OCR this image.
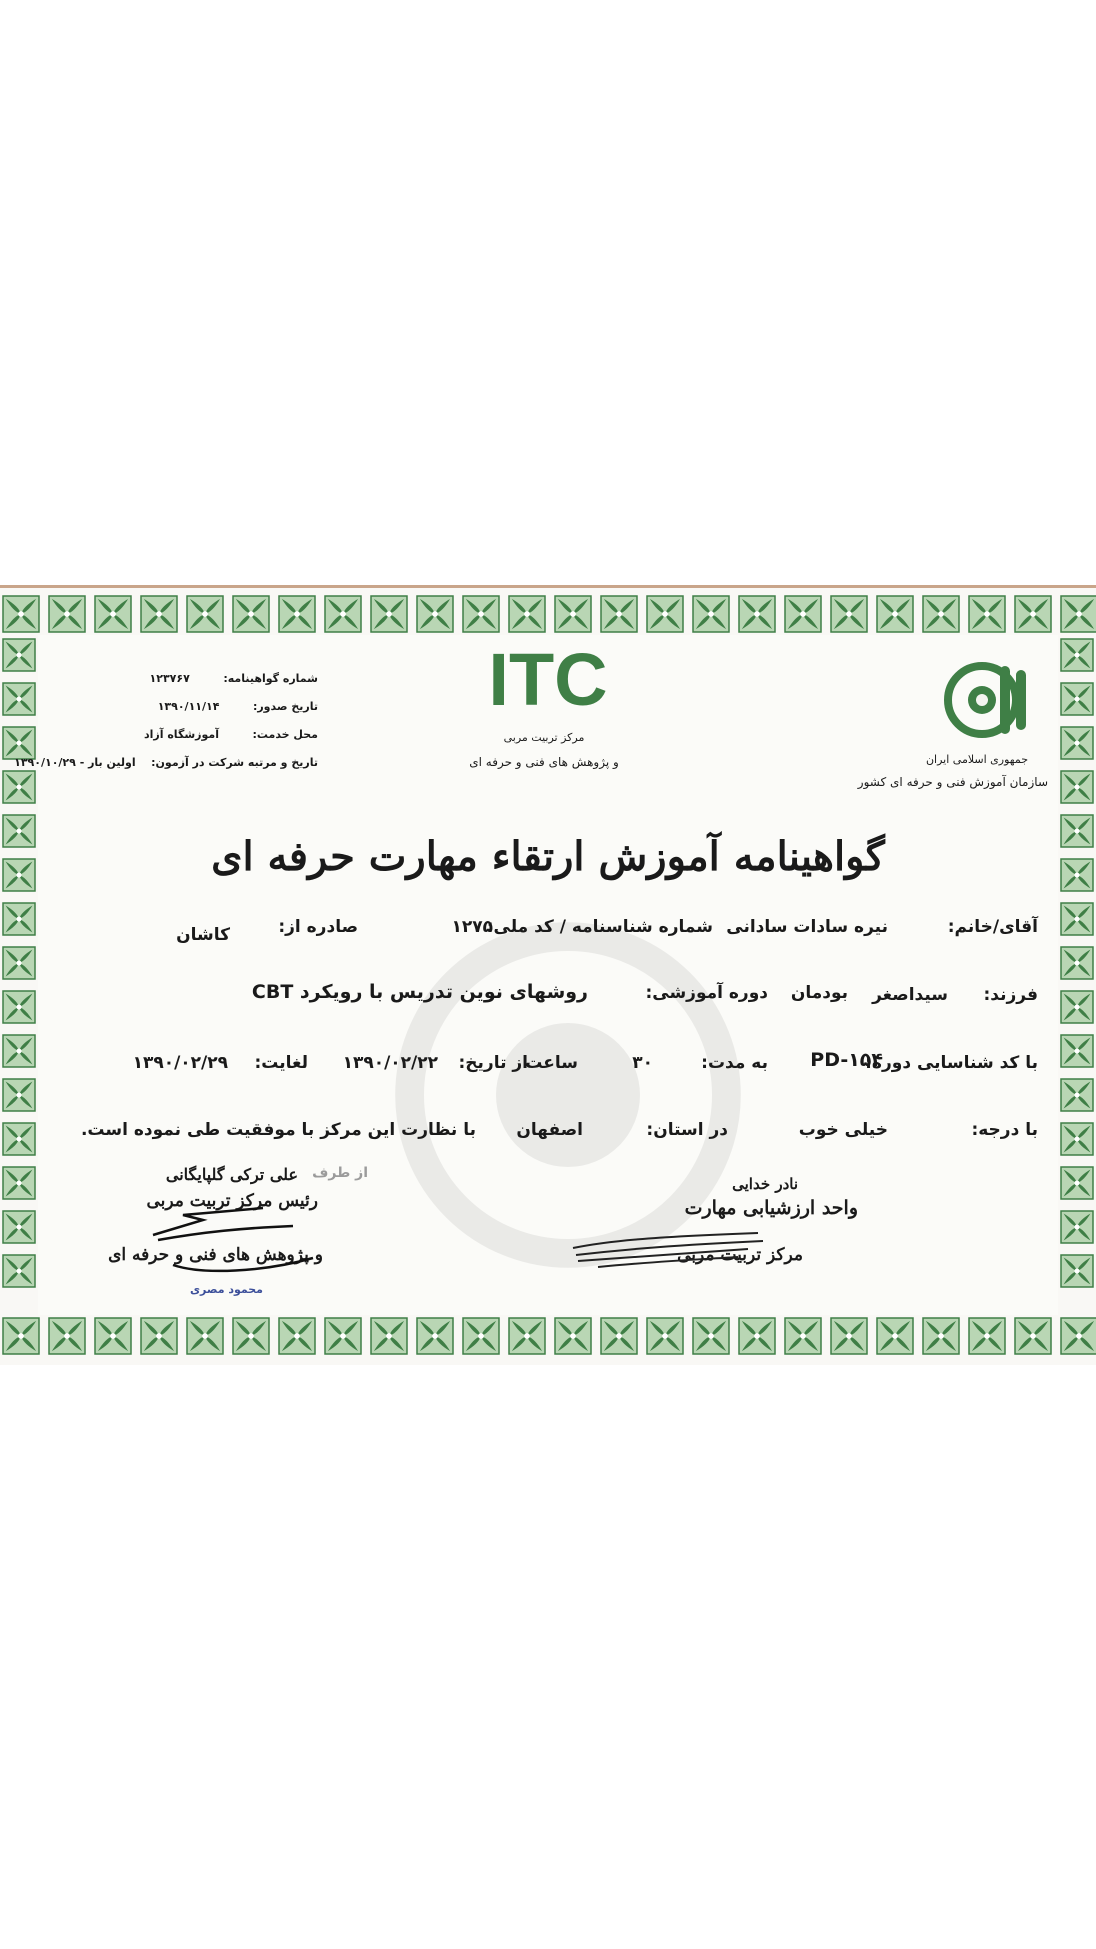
جمهوری اسلامی ایران
سازمان آموزش فنی و حرفه ای کشور
ITC
مرکز تربیت مربی
و پژوهش های فنی و حرفه ای
شماره گواهینامه: ۱۲۳۷۶۷
تاریخ صدور: ۱۳۹۰/۱۱/۱۴
محل خدمت: آموزشگاه آزاد
تاریخ و مرتبه شرکت در آزمون: اولین بار - ۱۳۹۰/۱۰/۲۹
گواهینامه آموزش ارتقاء مهارت حرفه ای
آقای/خانم:
نیره سادات سادانی
شماره شناسنامه / کد ملی:
۱۲۷۵
صادره از:
کاشان
فرزند:
سیداصغر
بودمان
دوره آموزشی:
روشهای نوین تدریس با رویکرد CBT
با کد شناسایی دوره:
PD-۱۵۴
به مدت:
۳۰
ساعت
از تاریخ:
۱۳۹۰/۰۲/۲۲
لغایت:
۱۳۹۰/۰۲/۲۹
با درجه:
خیلی خوب
در استان:
اصفهان
با نظارت این مرکز با موفقیت طی نموده است.
نادر خدایی
واحد ارزشیابی مهارت
مرکز تربیت مربی
از طرف
علی ترکی گلپایگانی
رئیس مرکز تربیت مربی
و پژوهش های فنی و حرفه ای
محمود مصری
